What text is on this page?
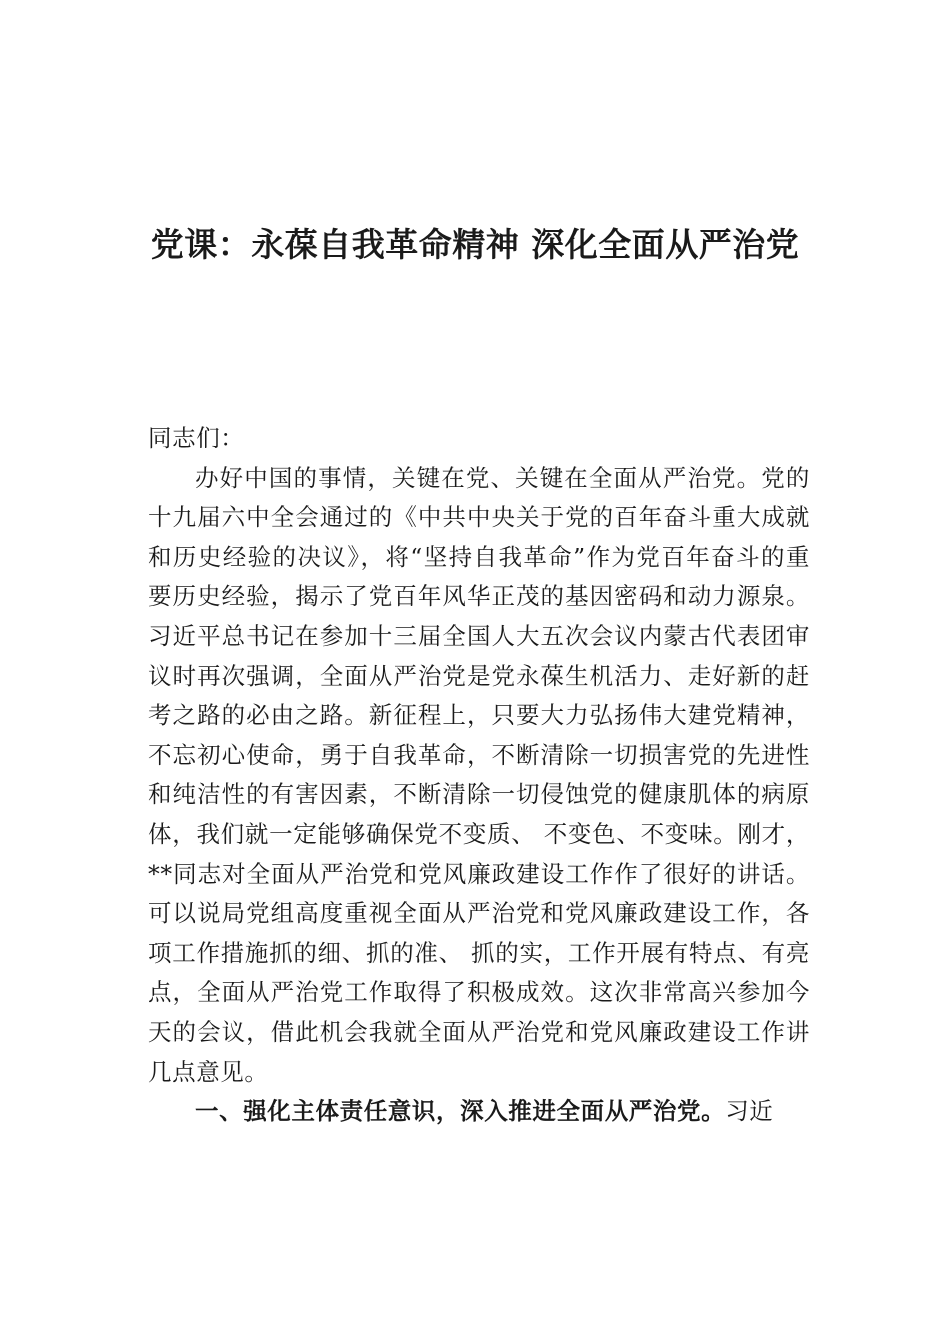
党课：永葆自我革命精神 深化全面从严治党

同志们：

办好中国的事情，关键在党、关键在全面从严治党。党的十九届六中全会通过的《中共中央关于党的百年奋斗重大成就和历史经验的决议》，将“坚持自我革命”作为党百年奋斗的重要历史经验，揭示了党百年风华正茂的基因密码和动力源泉。习近平总书记在参加十三届全国人大五次会议内蒙古代表团审议时再次强调，全面从严治党是党永葆生机活力、走好新的赶考之路的必由之路。新征程上，只要大力弘扬伟大建党精神，不忘初心使命，勇于自我革命，不断清除一切损害党的先进性和纯洁性的有害因素，不断清除一切侵蚀党的健康肌体的病原体，我们就一定能够确保党不变质、 不变色、不变味。刚才，**同志对全面从严治党和党风廉政建设工作作了很好的讲话。可以说局党组高度重视全面从严治党和党风廉政建设工作，各项工作措施抓的细、抓的准、 抓的实，工作开展有特点、有亮点，全面从严治党工作取得了积极成效。这次非常高兴参加今天的会议，借此机会我就全面从严治党和党风廉政建设工作讲几点意见。

一、强化主体责任意识，深入推进全面从严治党。习近
